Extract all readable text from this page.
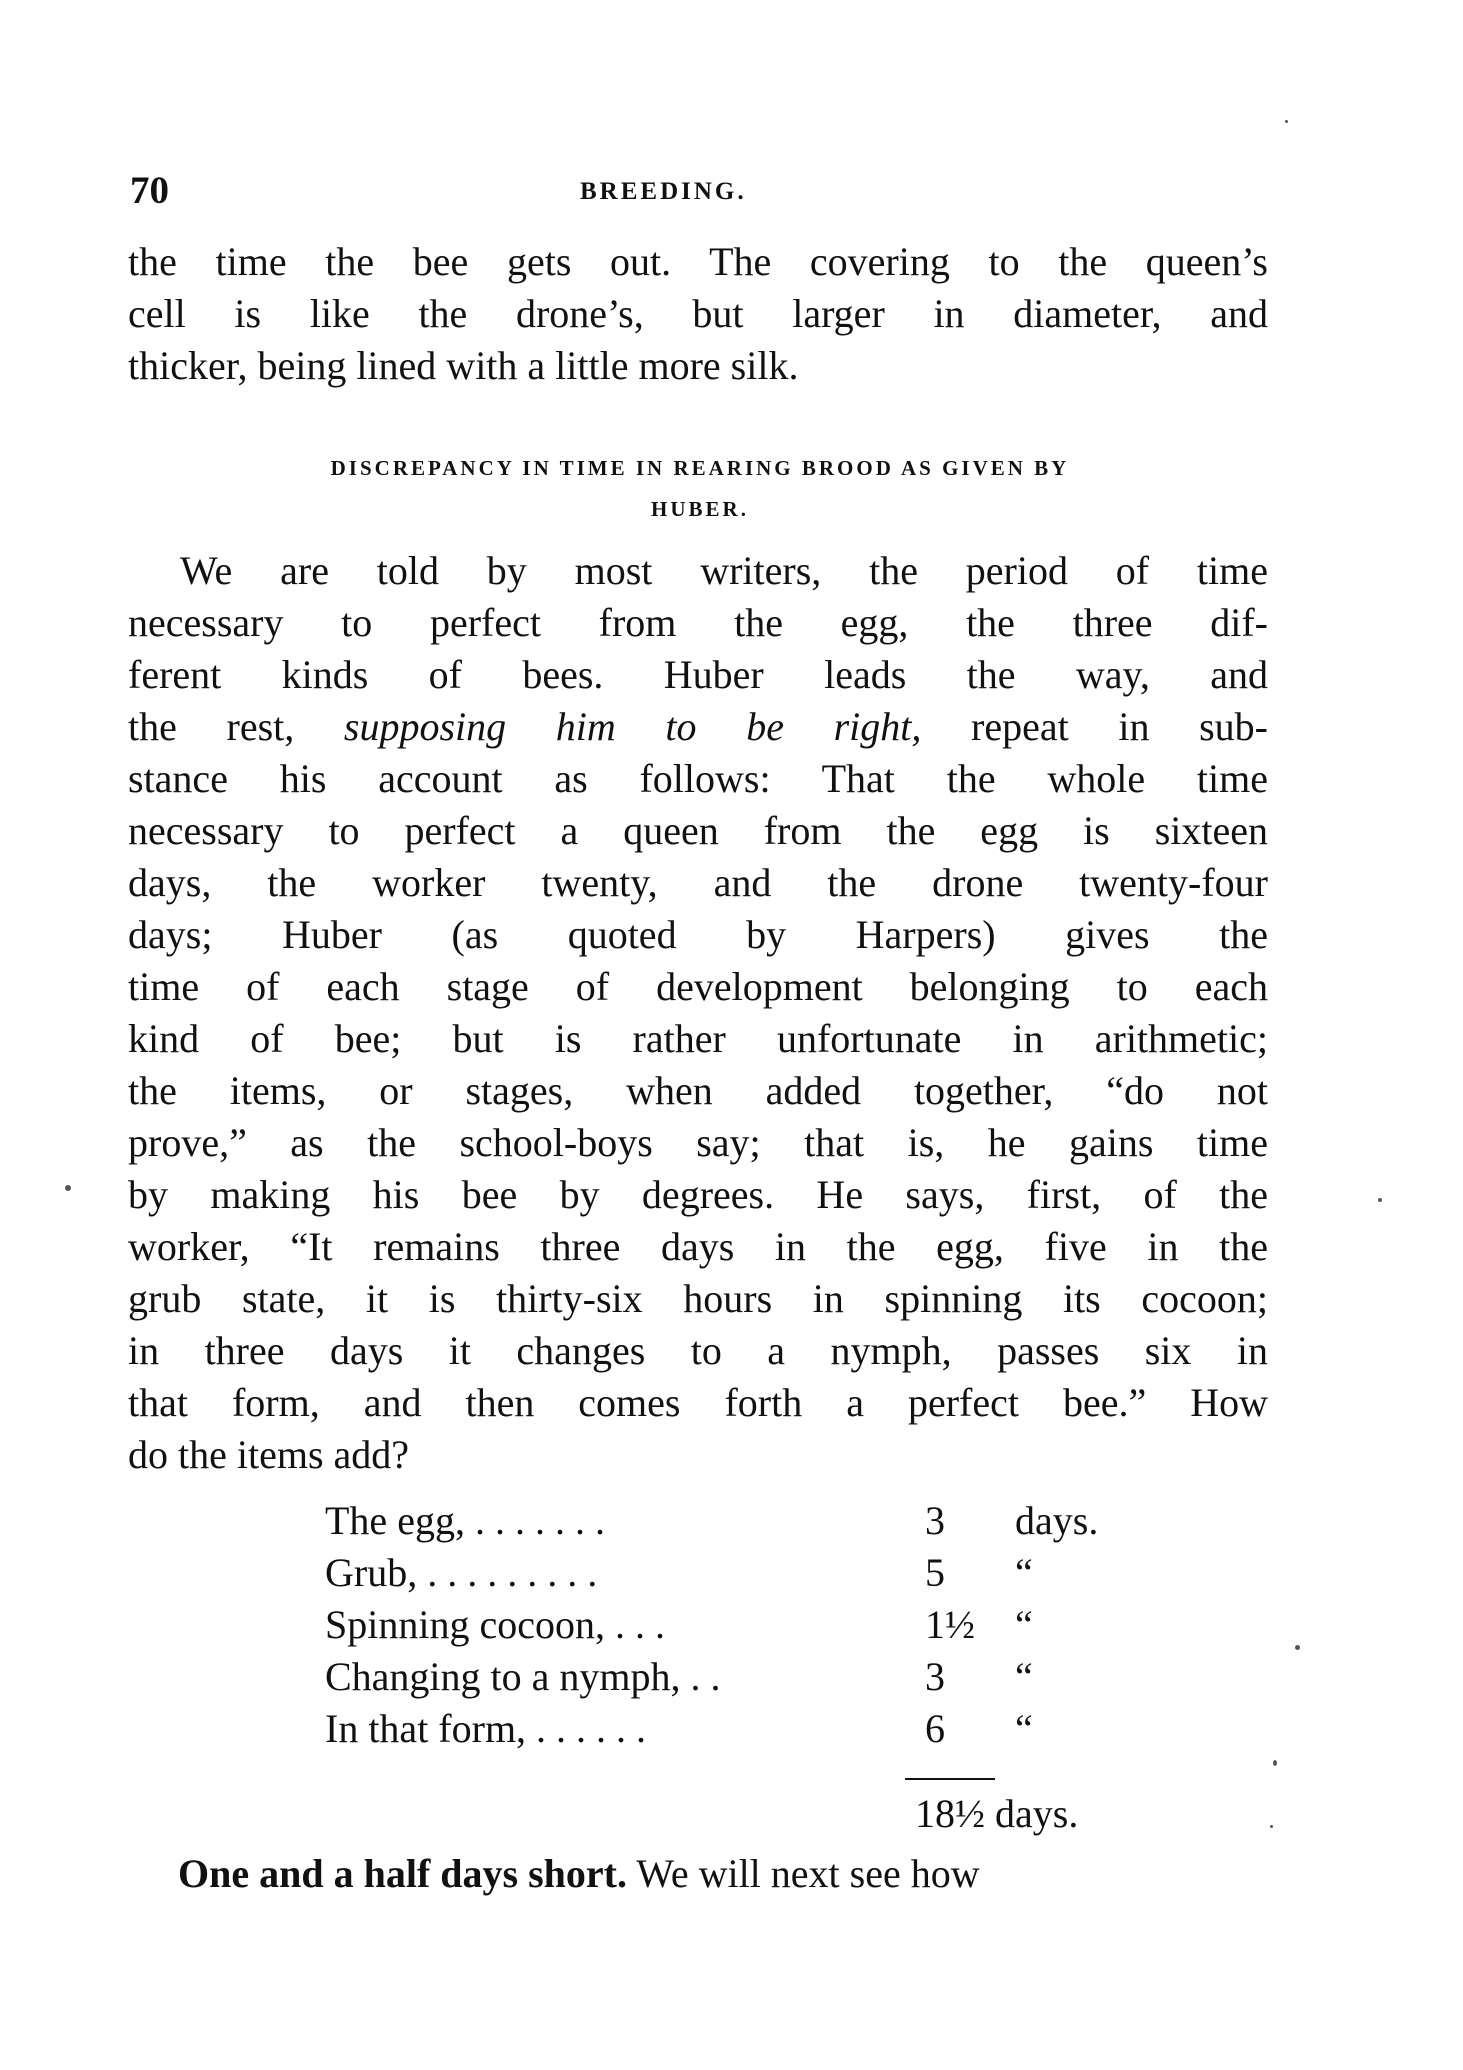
70	BREEDING.

the time the bee gets out. The covering to the queen’s

cell is like the drone’s, but larger in diameter, and

thicker, being lined with a little more silk.

DISCREPANCY IN TIME IN REARING BROOD AS GIVEN BY
HUBER.

We are told by most writers, the period of time

necessary to perfect from the egg, the three dif-

ferent kinds of bees. Huber leads the way, and

the rest, supposing him to be right, repeat in sub-

stance his account as follows: That the whole time

necessary to perfect a queen from the egg is sixteen

days, the worker twenty, and the drone twenty-four

days; Huber (as quoted by Harpers) gives the

time of each stage of development belonging to each

kind of bee; but is rather unfortunate in arithmetic;

the items, or stages, when added together, “do not

prove,” as the school-boys say; that is, he gains time

by making his bee by degrees. He says, first, of the

worker, “It remains three days in the egg, five in the

grub state, it is thirty-six hours in spinning its cocoon;

in three days it changes to a nymph, passes six in

that form, and then comes forth a perfect bee.” How

do the items add?

The egg, . . . . . . .	3 days.
Grub, . . . . . . . . .	5 “
Spinning cocoon, . . .	1½ “
Changing to a nymph, . .	3 “
In that form, . . . . . .	6 “
18½ days.
One and a half days short. We will next see how
